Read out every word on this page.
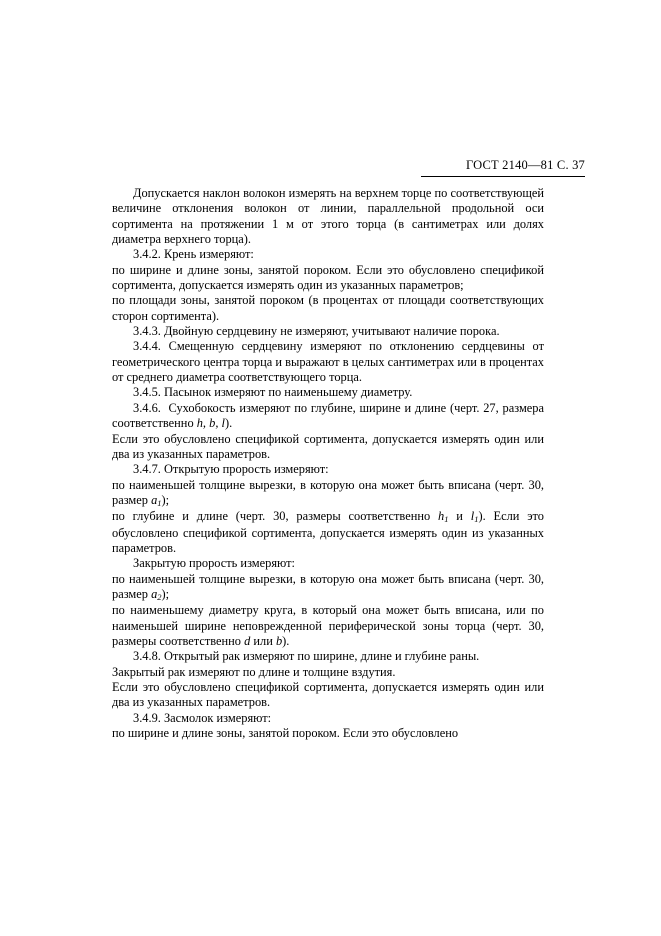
ГОСТ 2140—81 С. 37

Допускается наклон волокон измерять на верхнем торце по соответствующей величине отклонения волокон от линии, параллельной продольной оси сортимента на протяжении 1 м от этого торца (в сантиметрах или долях диаметра верхнего торца).

3.4.2. Крень измеряют:

по ширине и длине зоны, занятой пороком. Если это обусловлено спецификой сортимента, допускается измерять один из указанных параметров;

по площади зоны, занятой пороком (в процентах от площади соответствующих сторон сортимента).

3.4.3. Двойную сердцевину не измеряют, учитывают наличие порока.

3.4.4. Смещенную сердцевину измеряют по отклонению сердцевины от геометрического центра торца и выражают в целых сантиметрах или в процентах от среднего диаметра соответствующего торца.

3.4.5. Пасынок измеряют по наименьшему диаметру.

3.4.6.  Сухобокость измеряют по глубине, ширине и длине (черт. 27, размера соответственно h, b, l).

Если это обусловлено спецификой сортимента, допускается измерять один или два из указанных параметров.

3.4.7. Открытую прорость измеряют:

по наименьшей толщине вырезки, в которую она может быть вписана (черт. 30, размер $a_1$);

по глубине и длине (черт. 30, размеры соответственно $h_1$ и $l_1$). Если это обусловлено спецификой сортимента, допускается измерять один из указанных параметров.

Закрытую прорость измеряют:

по наименьшей толщине вырезки, в которую она может быть вписана (черт. 30, размер $a_2$);

по наименьшему диаметру круга, в который она может быть вписана, или по наименьшей ширине неповрежденной периферической зоны торца (черт. 30, размеры соответственно d или b).

3.4.8. Открытый рак измеряют по ширине, длине и глубине раны.

Закрытый рак измеряют по длине и толщине вздутия.

Если это обусловлено спецификой сортимента, допускается измерять один или два из указанных параметров.

3.4.9. Засмолок измеряют:

по ширине и длине зоны, занятой пороком. Если это обусловлено
